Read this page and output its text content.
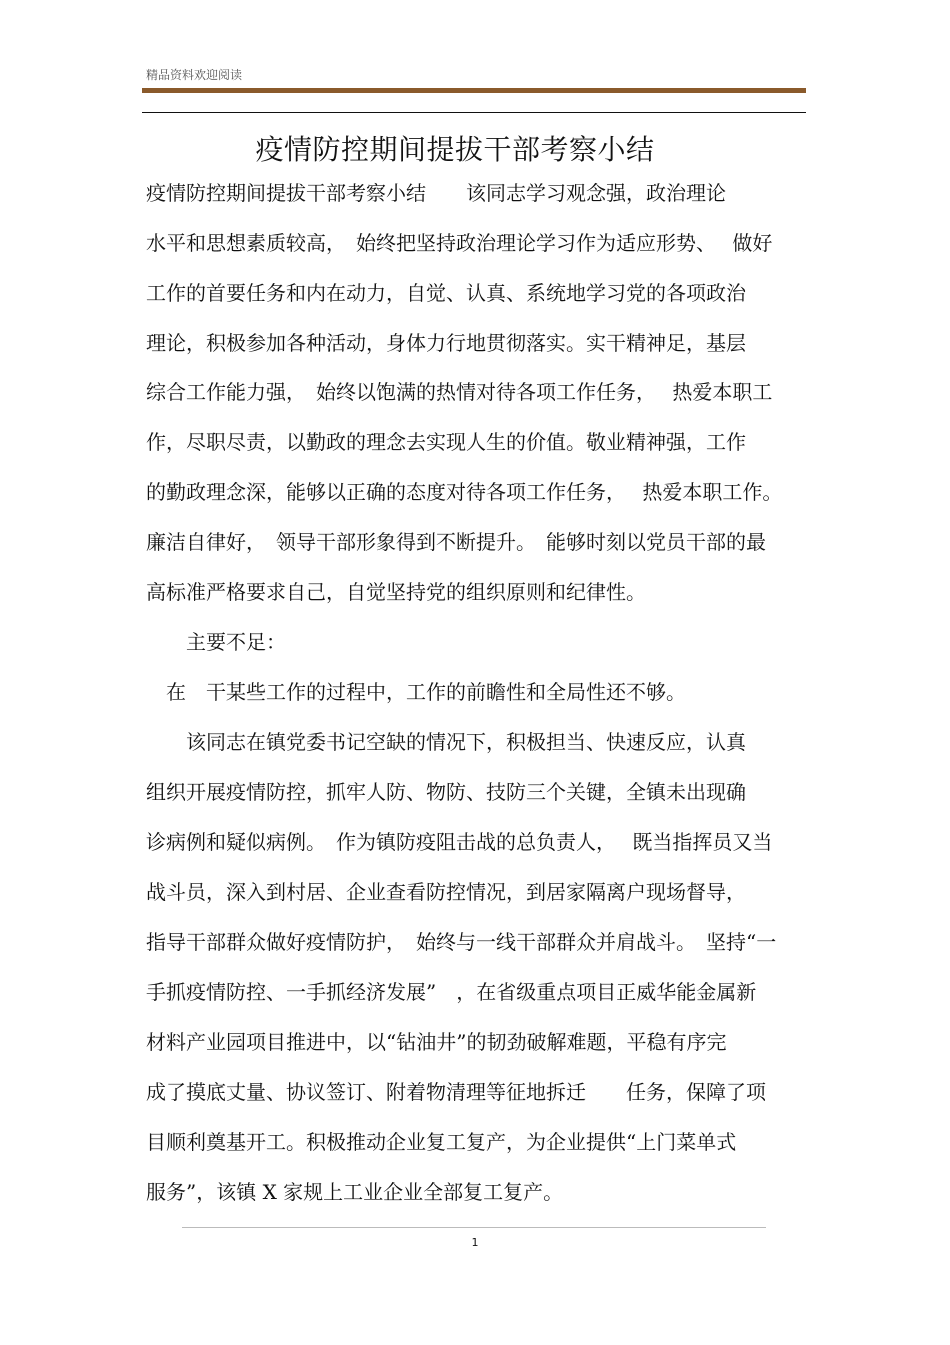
精品资料欢迎阅读
疫情防控期间提拔干部考察小结
疫情防控期间提拔干部考察小结　　该同志学习观念强，政治理论
水平和思想素质较高，　始终把坚持政治理论学习作为适应形势、　 做好
工作的首要任务和内在动力，自觉、认真、系统地学习党的各项政治
理论，积极参加各种活动，身体力行地贯彻落实。实干精神足，基层
综合工作能力强，　始终以饱满的热情对待各项工作任务，　 热爱本职工
作，尽职尽责，以勤政的理念去实现人生的价值。敬业精神强，工作
的勤政理念深，能够以正确的态度对待各项工作任务，　 热爱本职工作。
廉洁自律好，　领导干部形象得到不断提升。　能够时刻以党员干部的最
高标准严格要求自己，自觉坚持党的组织原则和纪律性。
　　主要不足：
　在　干某些工作的过程中，工作的前瞻性和全局性还不够。
　　该同志在镇党委书记空缺的情况下，积极担当、快速反应，认真
组织开展疫情防控，抓牢人防、物防、技防三个关键，全镇未出现确
诊病例和疑似病例。　作为镇防疫阻击战的总负责人，　 既当指挥员又当
战斗员，深入到村居、企业查看防控情况，到居家隔离户现场督导，
指导干部群众做好疫情防护，　始终与一线干部群众并肩战斗。　坚持“一
手抓疫情防控、一手抓经济发展”　，在省级重点项目正威华能金属新
材料产业园项目推进中，以“钻油井”的韧劲破解难题，平稳有序完
成了摸底丈量、协议签订、附着物清理等征地拆迁　　任务，保障了项
目顺利奠基开工。积极推动企业复工复产，为企业提供“上门菜单式
服务”，该镇 X 家规上工业企业全部复工复产。
1
